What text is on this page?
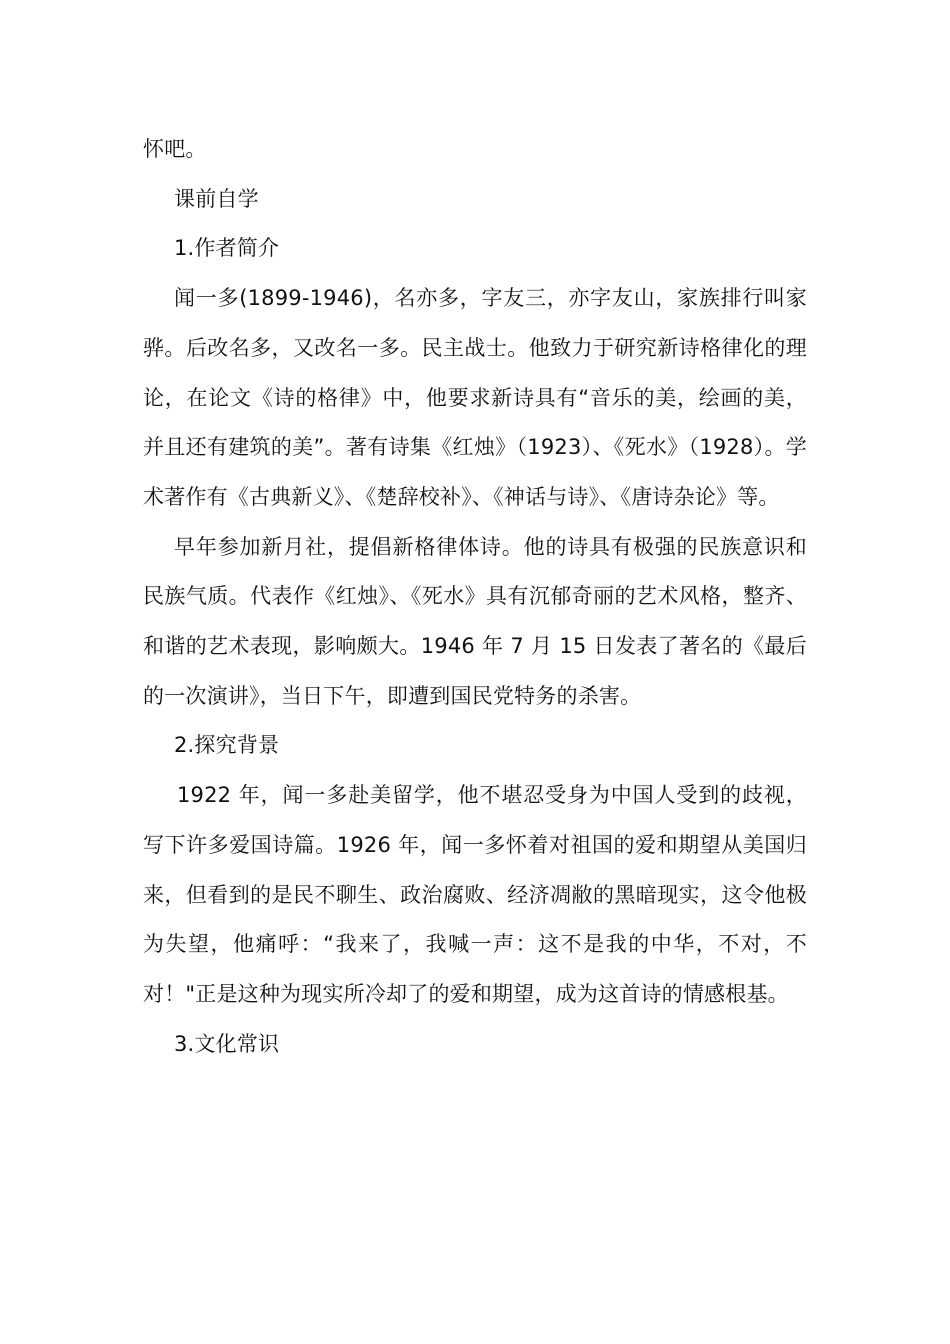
怀吧。

课前自学

1.作者简介

闻一多(1899-1946)，名亦多，字友三，亦字友山，家族排行叫家骅。后改名多，又改名一多。民主战士。他致力于研究新诗格律化的理论，在论文《诗的格律》中，他要求新诗具有“音乐的美，绘画的美，并且还有建筑的美”。著有诗集《红烛》（1923）、《死水》（1928）。学术著作有《古典新义》、《楚辞校补》、《神话与诗》、《唐诗杂论》等。

早年参加新月社，提倡新格律体诗。他的诗具有极强的民族意识和民族气质。代表作《红烛》、《死水》具有沉郁奇丽的艺术风格，整齐、和谐的艺术表现，影响颇大。1946 年 7 月 15 日发表了著名的《最后的一次演讲》，当日下午，即遭到国民党特务的杀害。

2.探究背景

1922 年，闻一多赴美留学，他不堪忍受身为中国人受到的歧视，写下许多爱国诗篇。1926 年，闻一多怀着对祖国的爱和期望从美国归来，但看到的是民不聊生、政治腐败、经济凋敝的黑暗现实，这令他极为失望，他痛呼：“我来了，我喊一声：这不是我的中华，不对，不对！"正是这种为现实所冷却了的爱和期望，成为这首诗的情感根基。

3.文化常识
